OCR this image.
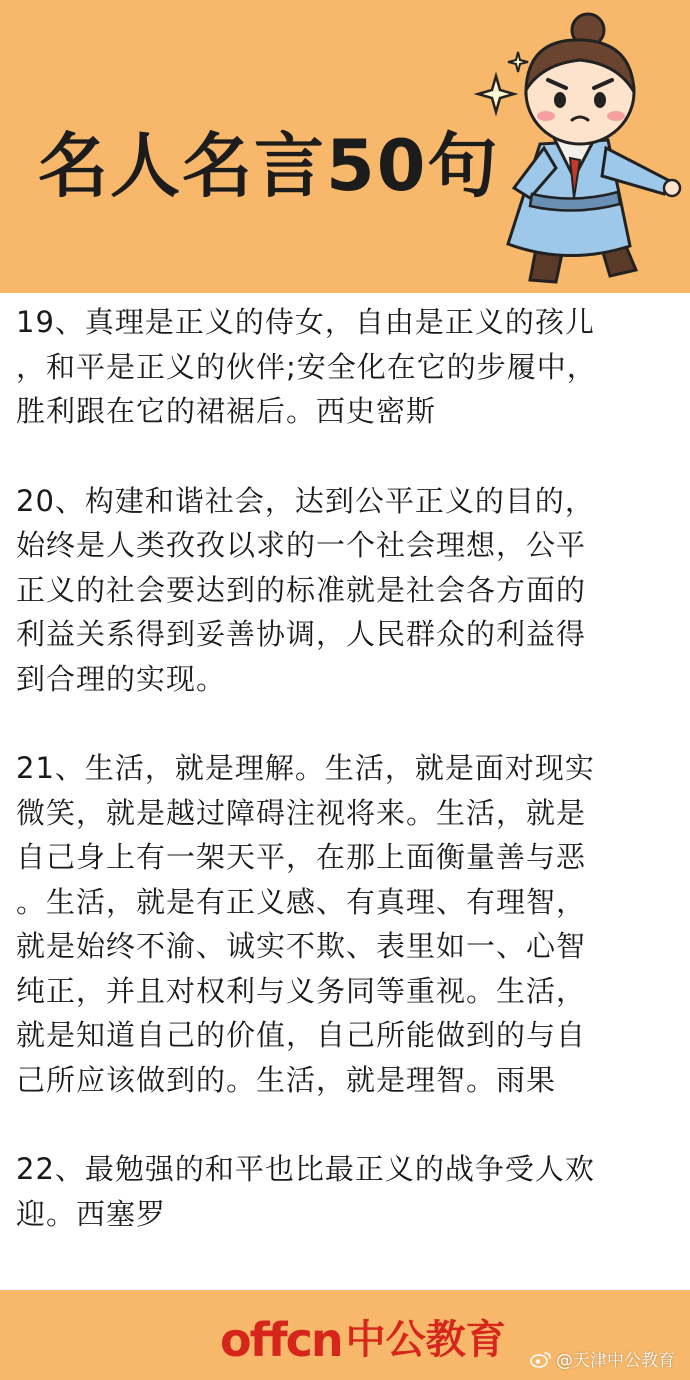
名人名言50句
19、真理是正义的侍女，自由是正义的孩儿
，和平是正义的伙伴;安全化在它的步履中，
胜利跟在它的裙裾后。西史密斯
20、构建和谐社会，达到公平正义的目的，
始终是人类孜孜以求的一个社会理想，公平
正义的社会要达到的标准就是社会各方面的
利益关系得到妥善协调，人民群众的利益得
到合理的实现。
21、生活，就是理解。生活，就是面对现实
微笑，就是越过障碍注视将来。生活，就是
自己身上有一架天平，在那上面衡量善与恶
。生活，就是有正义感、有真理、有理智，
就是始终不渝、诚实不欺、表里如一、心智
纯正，并且对权利与义务同等重视。生活，
就是知道自己的价值，自己所能做到的与自
己所应该做到的。生活，就是理智。雨果
22、最勉强的和平也比最正义的战争受人欢
迎。西塞罗
offcn 中公教育	@天津中公教育
